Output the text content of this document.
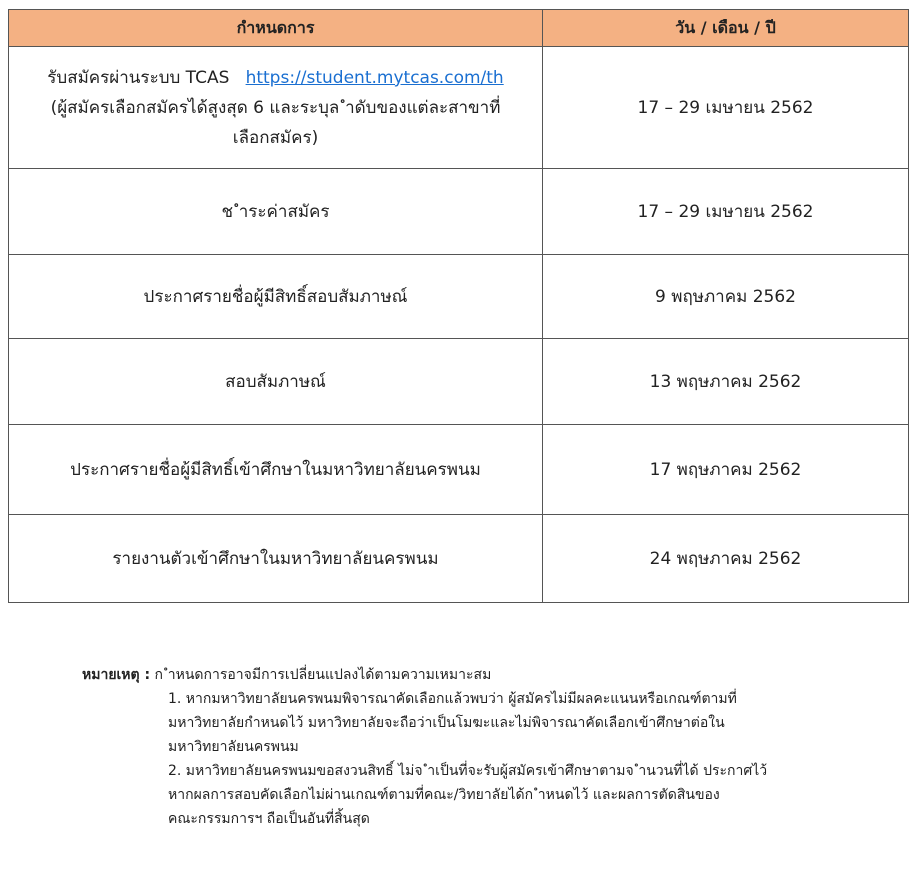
กำหนดการ	วัน / เดือน / ปี

รับสมัครผ่านระบบ TCAS https://student.mytcas.com/th
(ผู้สมัครเลือกสมัครได้สูงสุด 6 และระบุล ำดับของแต่ละสาขาที่
เลือกสมัคร)	17 – 29 เมษายน 2562
ช ำระค่าสมัคร	17 – 29 เมษายน 2562
ประกาศรายชื่อผู้มีสิทธิ์สอบสัมภาษณ์	9 พฤษภาคม 2562
สอบสัมภาษณ์	13 พฤษภาคม 2562
ประกาศรายชื่อผู้มีสิทธิ์เข้าศึกษาในมหาวิทยาลัยนครพนม	17 พฤษภาคม 2562
รายงานตัวเข้าศึกษาในมหาวิทยาลัยนครพนม	24 พฤษภาคม 2562
หมายเหตุ : ก ำหนดการอาจมีการเปลี่ยนแปลงได้ตามความเหมาะสม
1. หากมหาวิทยาลัยนครพนมพิจารณาคัดเลือกแล้วพบว่า ผู้สมัครไม่มีผลคะแนนหรือเกณฑ์ตามที่
มหาวิทยาลัยกำหนดไว้ มหาวิทยาลัยจะถือว่าเป็นโมฆะและไม่พิจารณาคัดเลือกเข้าศึกษาต่อใน
มหาวิทยาลัยนครพนม
2. มหาวิทยาลัยนครพนมขอสงวนสิทธิ์ ไม่จ ำเป็นที่จะรับผู้สมัครเข้าศึกษาตามจ ำนวนที่ได้ ประกาศไว้
หากผลการสอบคัดเลือกไม่ผ่านเกณฑ์ตามที่คณะ/วิทยาลัยได้ก ำหนดไว้ และผลการตัดสินของ
คณะกรรมการฯ ถือเป็นอันที่สิ้นสุด
